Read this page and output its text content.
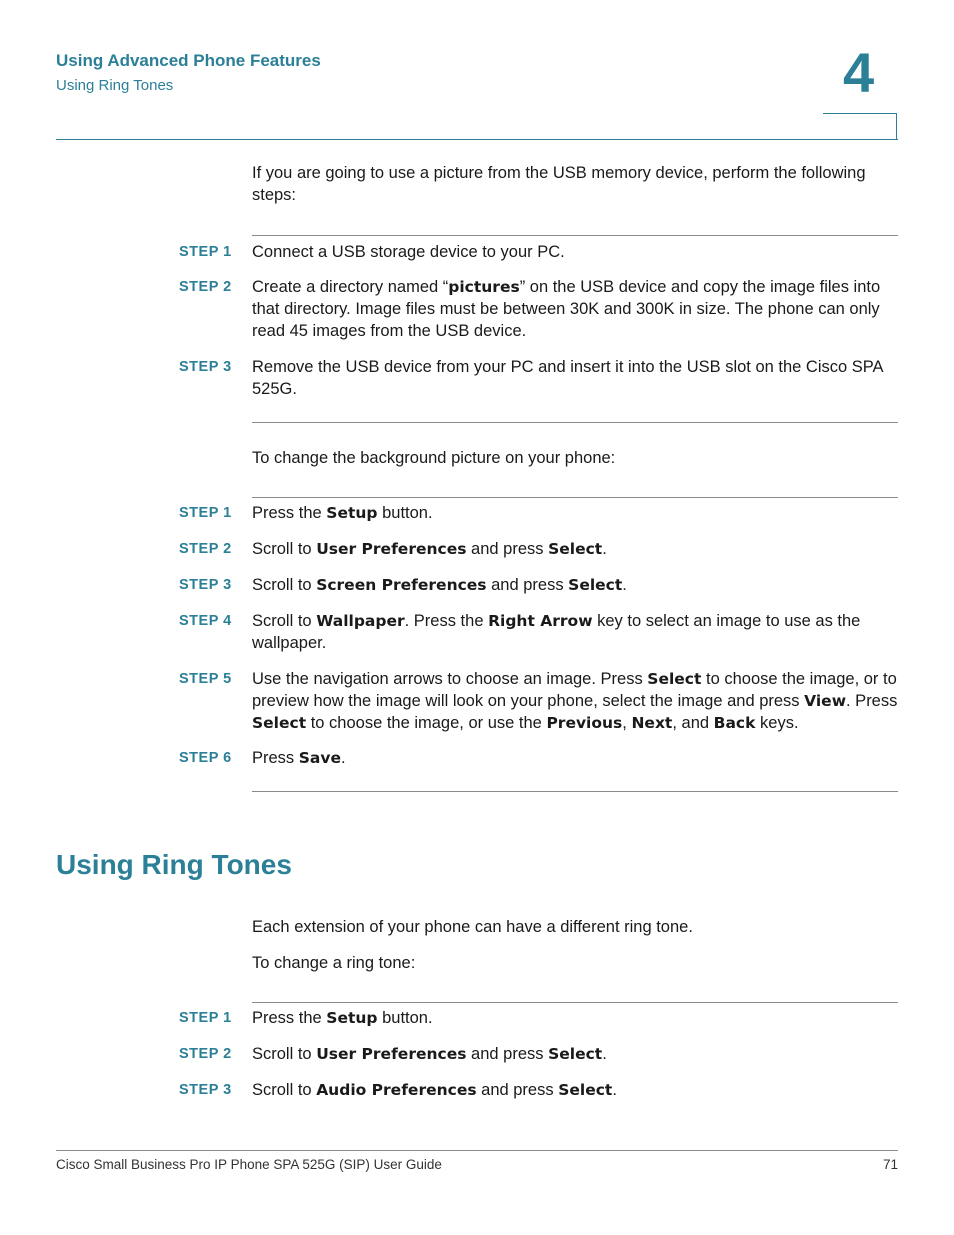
Using Advanced Phone Features
Using Ring Tones	4
If you are going to use a picture from the USB memory device, perform the following steps:
STEP 1 Connect a USB storage device to your PC.
STEP 2 Create a directory named “pictures” on the USB device and copy the image files into that directory. Image files must be between 30K and 300K in size. The phone can only read 45 images from the USB device.
STEP 3 Remove the USB device from your PC and insert it into the USB slot on the Cisco SPA 525G.
To change the background picture on your phone:
STEP 1 Press the Setup button.
STEP 2 Scroll to User Preferences and press Select.
STEP 3 Scroll to Screen Preferences and press Select.
STEP 4 Scroll to Wallpaper. Press the Right Arrow key to select an image to use as the wallpaper.
STEP 5 Use the navigation arrows to choose an image. Press Select to choose the image, or to preview how the image will look on your phone, select the image and press View. Press Select to choose the image, or use the Previous, Next, and Back keys.
STEP 6 Press Save.
Using Ring Tones
Each extension of your phone can have a different ring tone.
To change a ring tone:
STEP 1 Press the Setup button.
STEP 2 Scroll to User Preferences and press Select.
STEP 3 Scroll to Audio Preferences and press Select.
Cisco Small Business Pro IP Phone SPA 525G (SIP) User Guide	71
